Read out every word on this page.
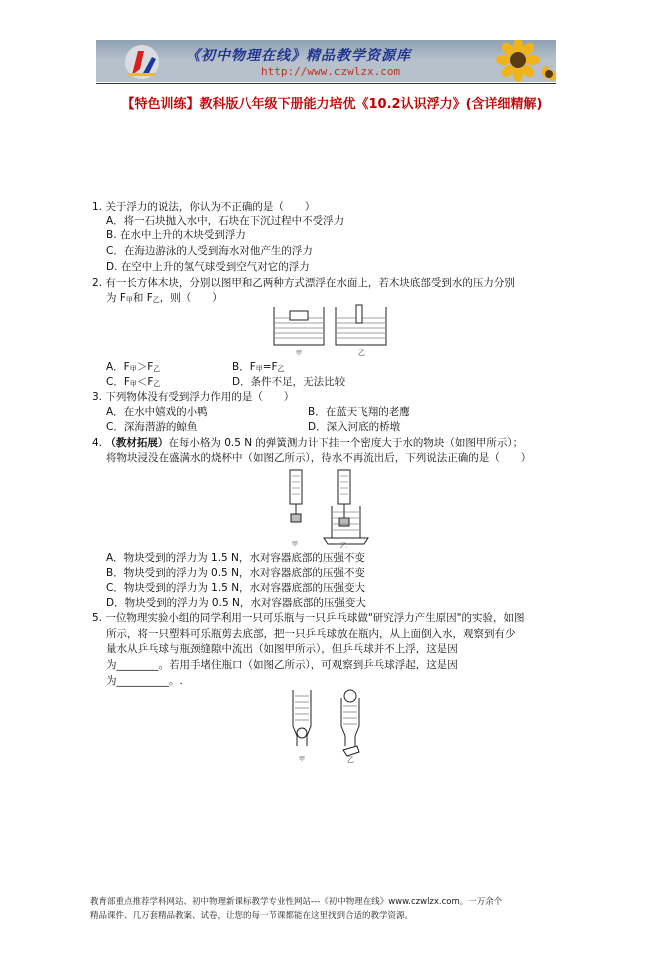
《初中物理在线》精品教学资源库
http://www.czwlzx.com
【特色训练】教科版八年级下册能力培优《10.2认识浮力》(含详细精解)
1. 关于浮力的说法，你认为不正确的是（　　）
A．将一石块抛入水中，石块在下沉过程中不受浮力
B. 在水中上升的木块受到浮力
C．在海边游泳的人受到海水对他产生的浮力
D. 在空中上升的氢气球受到空气对它的浮力
2. 有一长方体木块，分别以图甲和乙两种方式漂浮在水面上，若木块底部受到水的压力分别
为 F甲和 F乙，则（　　）
甲	乙
A．F甲＞F乙	B．F甲=F乙
C．F甲＜F乙	D．条件不足，无法比较
3. 下列物体没有受到浮力作用的是（　　）
A．在水中嬉戏的小鸭	B．在蓝天飞翔的老鹰
C．深海潜游的鲸鱼	D．深入河底的桥墩
4. （教材拓展）在每小格为 0.5 N 的弹簧测力计下挂一个密度大于水的物块（如图甲所示）；
将物块浸没在盛满水的烧杯中（如图乙所示），待水不再流出后，下列说法正确的是（　　）
甲	乙
A．物块受到的浮力为 1.5 N，水对容器底部的压强不变
B．物块受到的浮力为 0.5 N，水对容器底部的压强不变
C．物块受到的浮力为 1.5 N，水对容器底部的压强变大
D．物块受到的浮力为 0.5 N，水对容器底部的压强变大
5. 一位物理实验小组的同学利用一只可乐瓶与一只乒乓球做"研究浮力产生原因"的实验，如图
所示，将一只塑料可乐瓶剪去底部，把一只乒乓球放在瓶内，从上面倒入水，观察到有少
量水从乒乓球与瓶颈缝隙中流出（如图甲所示），但乒乓球并不上浮，这是因
为________。若用手堵住瓶口（如图乙所示），可观察到乒乓球浮起，这是因
为__________。.
甲	乙
教育部重点推荐学科网站、初中物理新课标教学专业性网站---《初中物理在线》www.czwlzx.com。一万余个
精品课件、几万套精品教案、试卷，让您的每一节课都能在这里找到合适的教学资源。
